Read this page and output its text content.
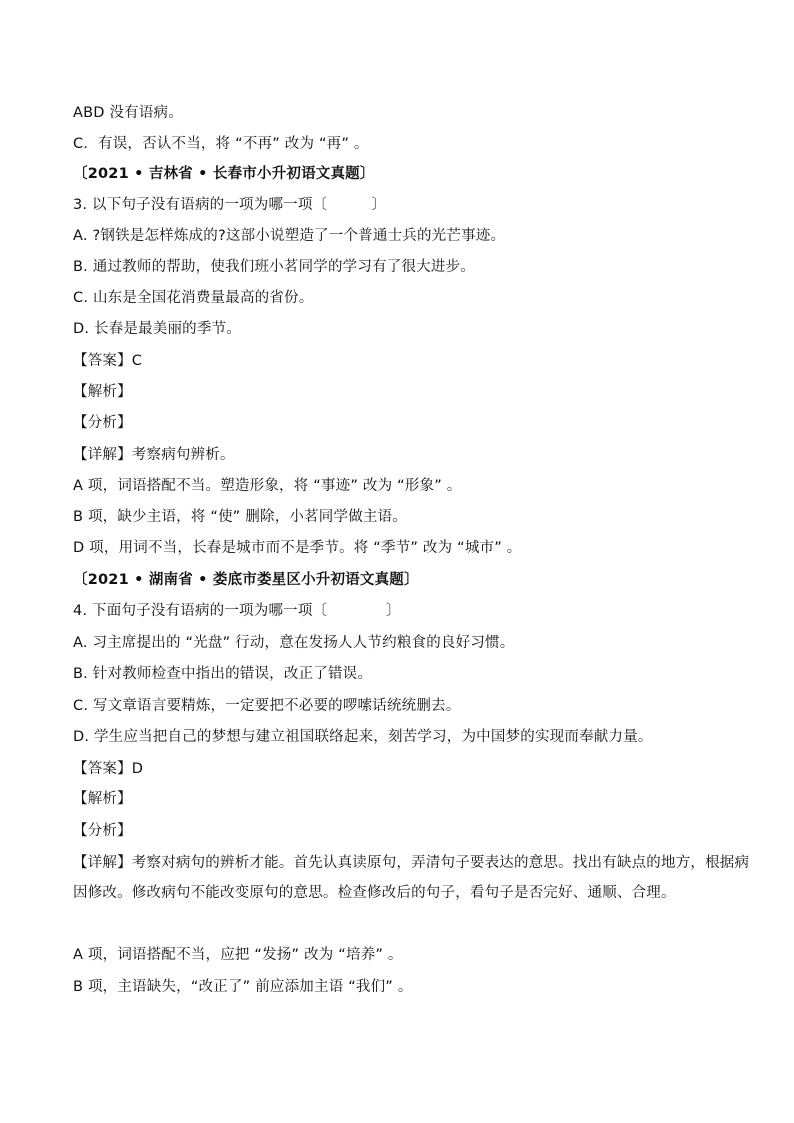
ABD 没有语病。
C．有误，否认不当，将 “不再” 改为 “再” 。
〔2021 • 吉林省 • 长春市小升初语文真题〕
3. 以下句子没有语病的一项为哪一项〔　　　〕
A. ?钢铁是怎样炼成的?这部小说塑造了一个普通士兵的光芒事迹。
B. 通过教师的帮助，使我们班小茗同学的学习有了很大进步。
C. 山东是全国花消费量最高的省份。
D. 长春是最美丽的季节。
【答案】C
【解析】
【分析】
【详解】考察病句辨析。
A 项，词语搭配不当。塑造形象，将 “事迹” 改为 “形象” 。
B 项，缺少主语，将 “使” 删除，小茗同学做主语。
D 项，用词不当，长春是城市而不是季节。将 “季节” 改为 “城市” 。
〔2021 • 湖南省 • 娄底市娄星区小升初语文真题〕
4. 下面句子没有语病的一项为哪一项〔　　　　〕
A. 习主席提出的 “光盘” 行动，意在发扬人人节约粮食的良好习惯。
B. 针对教师检查中指出的错误，改正了错误。
C. 写文章语言要精炼，一定要把不必要的啰嗦话统统删去。
D. 学生应当把自己的梦想与建立祖国联络起来，刻苦学习，为中国梦的实现而奉献力量。
【答案】D
【解析】
【分析】
【详解】考察对病句的辨析才能。首先认真读原句，弄清句子要表达的意思。找出有缺点的地方，根据病因修改。修改病句不能改变原句的意思。检查修改后的句子，看句子是否完好、通顺、合理。
A 项，词语搭配不当，应把 “发扬” 改为 “培养” 。
B 项，主语缺失，“改正了” 前应添加主语 “我们” 。
